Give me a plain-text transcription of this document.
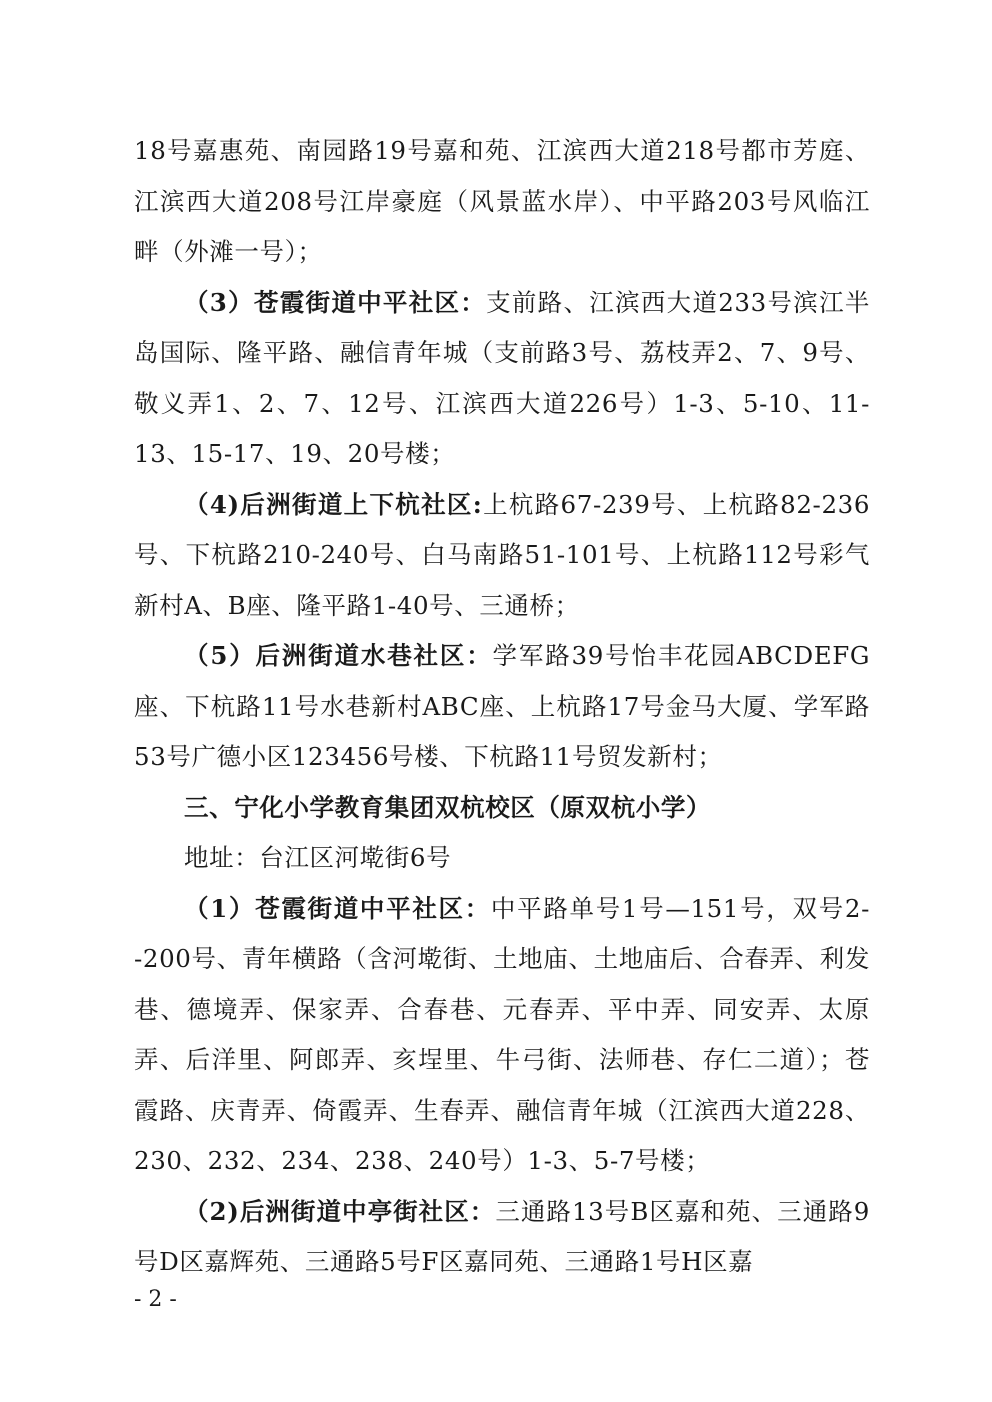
18号嘉惠苑、南园路19号嘉和苑、江滨西大道218号都市芳庭、江滨西大道208号江岸豪庭（风景蓝水岸）、中平路203号风临江畔（外滩一号）；

（3）苍霞街道中平社区：支前路、江滨西大道233号滨江半岛国际、隆平路、融信青年城（支前路3号、荔枝弄2、7、9号、敬义弄1、2、7、12号、江滨西大道226号）1-3、5-10、11-13、15-17、19、20号楼；

（4)后洲街道上下杭社区:上杭路67-239号、上杭路82-236号、下杭路210-240号、白马南路51-101号、上杭路112号彩气新村A、B座、隆平路1-40号、三通桥；

（5）后洲街道水巷社区：学军路39号怡丰花园ABCDEFG座、下杭路11号水巷新村ABC座、上杭路17号金马大厦、学军路53号广德小区123456号楼、下杭路11号贸发新村；

三、宁化小学教育集团双杭校区（原双杭小学）

地址：台江区河墘街6号

（1）苍霞街道中平社区：中平路单号1号—151号，双号2--200号、青年横路（含河墘街、土地庙、土地庙后、合春弄、利发巷、德境弄、保家弄、合春巷、元春弄、平中弄、同安弄、太原弄、后洋里、阿郎弄、亥埕里、牛弓街、法师巷、存仁二道）；苍霞路、庆青弄、倚霞弄、生春弄、融信青年城（江滨西大道228、230、232、234、238、240号）1-3、5-7号楼；

（2)后洲街道中亭街社区：三通路13号B区嘉和苑、三通路9号D区嘉辉苑、三通路5号F区嘉同苑、三通路1号H区嘉

- 2 -
